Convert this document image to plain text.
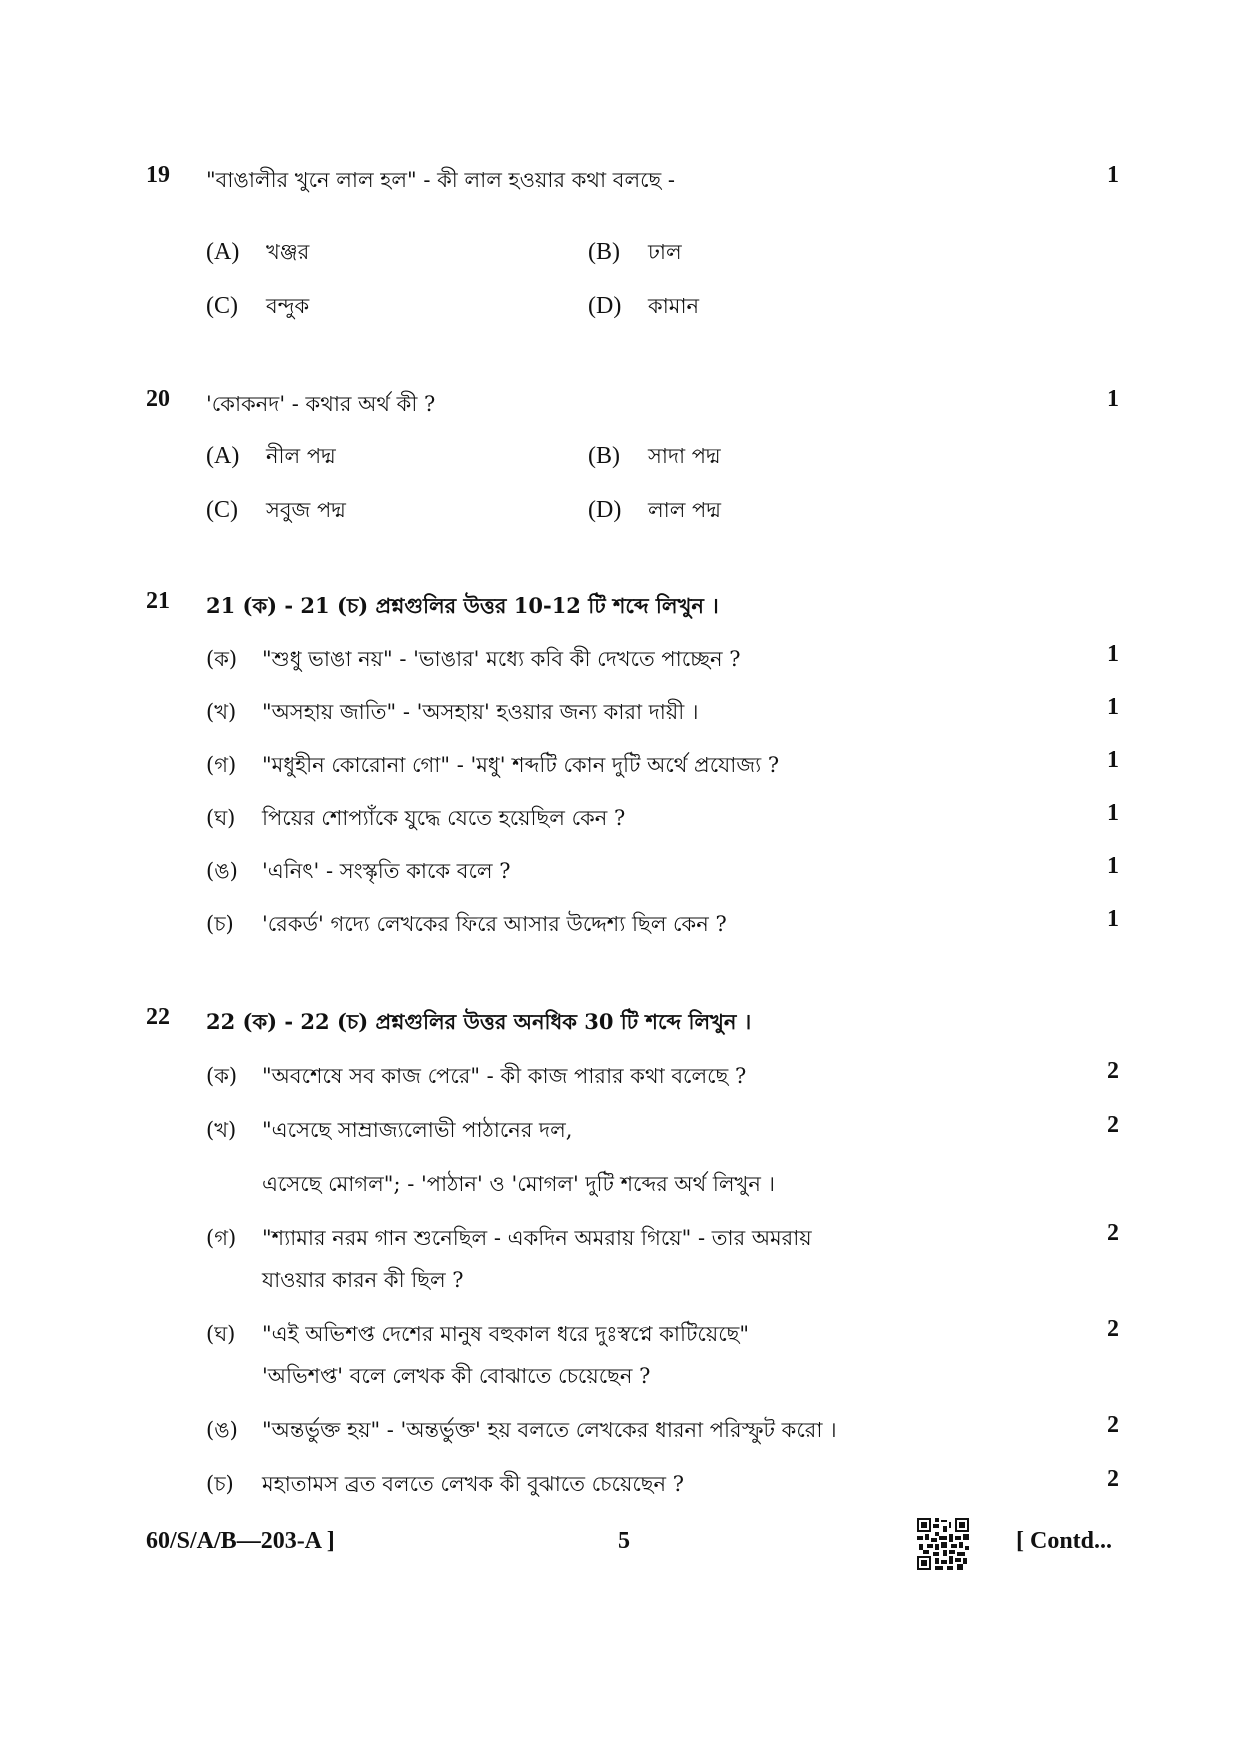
19 "বাঙালীর খুনে লাল হল" - কী লাল হওয়ার কথা বলছে -	1
(A) খঞ্জর	(B) ঢাল
(C) বন্দুক	(D) কামান
20 'কোকনদ' - কথার অর্থ কী ?	1
(A) নীল পদ্ম	(B) সাদা পদ্ম
(C) সবুজ পদ্ম	(D) লাল পদ্ম
21 21 (ক) - 21 (চ) প্রশ্নগুলির উত্তর 10-12 টি শব্দে লিখুন ।
(ক) "শুধু ভাঙা নয়" - 'ভাঙার' মধ্যে কবি কী দেখতে পাচ্ছেন ?	1
(খ) "অসহায় জাতি" - 'অসহায়' হওয়ার জন্য কারা দায়ী ।	1
(গ) "মধুহীন কোরোনা গো" - 'মধু' শব্দটি কোন দুটি অর্থে প্রযোজ্য ?	1
(ঘ) পিয়ের শোপ্যাঁকে যুদ্ধে যেতে হয়েছিল কেন ?	1
(ঙ) 'এনিৎ' - সংস্কৃতি কাকে বলে ?	1
(চ) 'রেকর্ড' গদ্যে লেখকের ফিরে আসার উদ্দেশ্য ছিল কেন ?	1
22 22 (ক) - 22 (চ) প্রশ্নগুলির উত্তর অনধিক 30 টি শব্দে লিখুন ।
(ক) "অবশেষে সব কাজ পেরে" - কী কাজ পারার কথা বলেছে ?	2
(খ) "এসেছে সাম্রাজ্যলোভী পাঠানের দল,
এসেছে মোগল"; - 'পাঠান' ও 'মোগল' দুটি শব্দের অর্থ লিখুন ।
2
(গ) "শ্যামার নরম গান শুনেছিল - একদিন অমরায় গিয়ে" - তার অমরায়
যাওয়ার কারন কী ছিল ?
2
(ঘ) "এই অভিশপ্ত দেশের মানুষ বহুকাল ধরে দুঃস্বপ্নে কাটিয়েছে"
'অভিশপ্ত' বলে লেখক কী বোঝাতে চেয়েছেন ?
2
(ঙ) "অন্তর্ভুক্ত হয়" - 'অন্তর্ভুক্ত' হয় বলতে লেখকের ধারনা পরিস্ফুট করো ।	2
(চ) মহাতামস ব্রত বলতে লেখক কী বুঝাতে চেয়েছেন ?	2
60/S/A/B—203-A ]	5	[ Contd...
